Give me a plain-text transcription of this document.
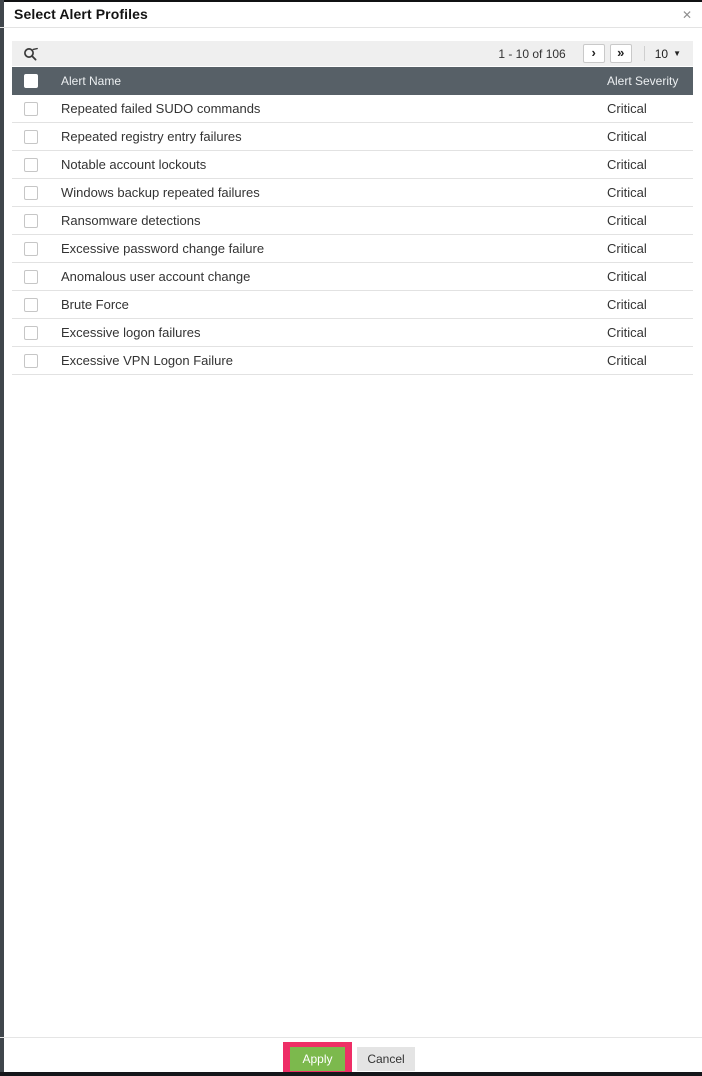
Select Alert Profiles	✕
1 - 10 of 106	›	»	10 ▼
Alert Name	Alert Severity
Repeated failed SUDO commands	Critical
Repeated registry entry failures	Critical
Notable account lockouts	Critical
Windows backup repeated failures	Critical
Ransomware detections	Critical
Excessive password change failure	Critical
Anomalous user account change	Critical
Brute Force	Critical
Excessive logon failures	Critical
Excessive VPN Logon Failure	Critical
Apply	Cancel
